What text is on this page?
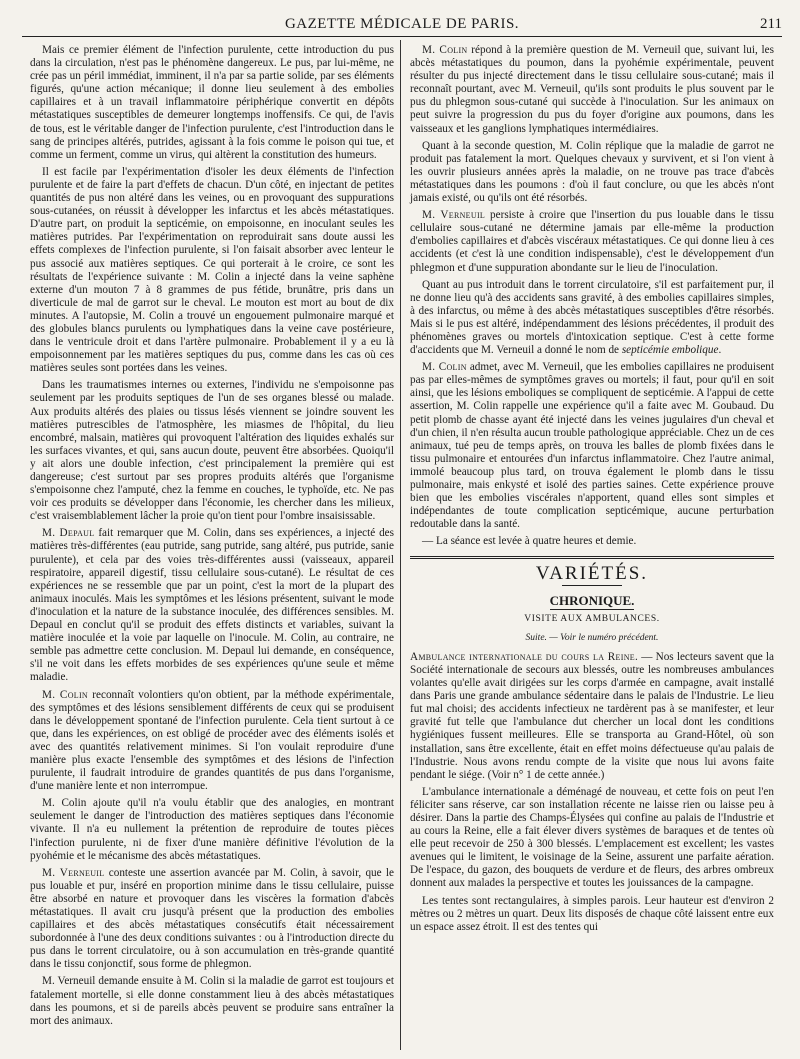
GAZETTE MÉDICALE DE PARIS.	211

Mais ce premier élément de l'infection purulente, cette introduction du pus dans la circulation, n'est pas le phénomène dangereux. Le pus, par lui-même, ne crée pas un péril immédiat, imminent, il n'a par sa partie solide, par ses éléments figurés, qu'une action mécanique; il donne lieu seulement à des embolies capillaires et à un travail inflammatoire périphérique convertit en dépôts métastatiques susceptibles de demeurer longtemps inoffensifs. Ce qui, de l'avis de tous, est le véritable danger de l'infection purulente, c'est l'introduction dans le sang de principes altérés, putrides, agissant à la fois comme le poison qui tue, et comme un ferment, comme un virus, qui altèrent la constitution des humeurs.

Il est facile par l'expérimentation d'isoler les deux éléments de l'infection purulente et de faire la part d'effets de chacun. D'un côté, en injectant de petites quantités de pus non altéré dans les veines, ou en provoquant des suppurations sous-cutanées, on réussit à développer les infarctus et les abcès métastatiques. D'autre part, on produit la septicémie, on empoisonne, en inoculant seules les matières putrides. Par l'expérimentation on reproduirait sans doute aussi les effets complexes de l'infection purulente, si l'on faisait absorber avec lenteur le pus associé aux matières septiques. Ce qui porterait à le croire, ce sont les résultats de l'expérience suivante : M. Colin a injecté dans la veine saphène externe d'un mouton 7 à 8 grammes de pus fétide, brunâtre, pris dans un diverticule de mal de garrot sur le cheval. Le mouton est mort au bout de dix minutes. A l'autopsie, M. Colin a trouvé un engouement pulmonaire marqué et des globules blancs purulents ou lymphatiques dans la veine cave postérieure, dans le ventricule droit et dans l'artère pulmonaire. Probablement il y a eu là empoisonnement par les matières septiques du pus, comme dans les cas où ces matières seules sont portées dans les veines.

Dans les traumatismes internes ou externes, l'individu ne s'empoisonne pas seulement par les produits septiques de l'un de ses organes blessé ou malade. Aux produits altérés des plaies ou tissus lésés viennent se joindre souvent les matières putrescibles de l'atmosphère, les miasmes de l'hôpital, du lieu encombré, malsain, matières qui provoquent l'altération des liquides exhalés sur les surfaces vivantes, et qui, sans aucun doute, peuvent être absorbées. Quoiqu'il y ait alors une double infection, c'est principalement la première qui est dangereuse; c'est surtout par ses propres produits altérés que l'organisme s'empoisonne chez l'amputé, chez la femme en couches, le typhoïde, etc. Ne pas voir ces produits se développer dans l'économie, les chercher dans les milieux, c'est vraisemblablement lâcher la proie qu'on tient pour l'ombre insaisissable.

M. Depaul fait remarquer que M. Colin, dans ses expériences, a injecté des matières très-différentes (eau putride, sang putride, sang altéré, pus putride, sanie purulente), et cela par des voies très-différentes aussi (vaisseaux, appareil respiratoire, appareil digestif, tissu cellulaire sous-cutané). Le résultat de ces expériences ne se ressemble que par un point, c'est la mort de la plupart des animaux inoculés. Mais les symptômes et les lésions présentent, suivant le mode d'inoculation et la nature de la substance inoculée, des différences sensibles. M. Depaul en conclut qu'il se produit des effets distincts et variables, suivant la matière inoculée et la voie par laquelle on l'inocule. M. Colin, au contraire, ne semble pas admettre cette conclusion. M. Depaul lui demande, en conséquence, s'il ne voit dans les effets morbides de ses expériences qu'une seule et même maladie.

M. Colin reconnaît volontiers qu'on obtient, par la méthode expérimentale, des symptômes et des lésions sensiblement différents de ceux qui se produisent dans le développement spontané de l'infection purulente. Cela tient surtout à ce que, dans les expériences, on est obligé de procéder avec des éléments isolés et avec des quantités relativement minimes. Si l'on voulait reproduire d'une manière plus exacte l'ensemble des symptômes et des lésions de l'infection purulente, il faudrait introduire de grandes quantités de pus dans l'organisme, d'une manière lente et non interrompue.

M. Colin ajoute qu'il n'a voulu établir que des analogies, en montrant seulement le danger de l'introduction des matières septiques dans l'économie vivante. Il n'a eu nullement la prétention de reproduire de toutes pièces l'infection purulente, ni de fixer d'une manière définitive l'évolution de la pyohémie et le mécanisme des abcès métastatiques.

M. Verneuil conteste une assertion avancée par M. Colin, à savoir, que le pus louable et pur, inséré en proportion minime dans le tissu cellulaire, puisse être absorbé en nature et provoquer dans les viscères la formation d'abcès métastatiques. Il avait cru jusqu'à présent que la production des embolies capillaires et des abcès métastatiques consécutifs était nécessairement subordonnée à l'une des deux conditions suivantes : ou à l'introduction directe du pus dans le torrent circulatoire, ou à son accumulation en très-grande quantité dans le tissu conjonctif, sous forme de phlegmon.

M. Verneuil demande ensuite à M. Colin si la maladie de garrot est toujours et fatalement mortelle, si elle donne constamment lieu à des abcès métastatiques dans les poumons, et si de pareils abcès peuvent se produire sans entraîner la mort des animaux.

M. Colin répond à la première question de M. Verneuil que, suivant lui, les abcès métastatiques du poumon, dans la pyohémie expérimentale, peuvent résulter du pus injecté directement dans le tissu cellulaire sous-cutané; mais il reconnaît pourtant, avec M. Verneuil, qu'ils sont produits le plus souvent par le pus du phlegmon sous-cutané qui succède à l'inoculation. Sur les animaux on peut suivre la progression du pus du foyer d'origine aux poumons, dans les vaisseaux et les ganglions lymphatiques intermédiaires.

Quant à la seconde question, M. Colin réplique que la maladie de garrot ne produit pas fatalement la mort. Quelques chevaux y survivent, et si l'on vient à les ouvrir plusieurs années après la maladie, on ne trouve pas trace d'abcès métastatiques dans les poumons : d'où il faut conclure, ou que les abcès n'ont jamais existé, ou qu'ils ont été résorbés.

M. Verneuil persiste à croire que l'insertion du pus louable dans le tissu cellulaire sous-cutané ne détermine jamais par elle-même la production d'embolies capillaires et d'abcès viscéraux métastatiques. Ce qui donne lieu à ces accidents (et c'est là une condition indispensable), c'est le développement d'un phlegmon et d'une suppuration abondante sur le lieu de l'inoculation.

Quant au pus introduit dans le torrent circulatoire, s'il est parfaitement pur, il ne donne lieu qu'à des accidents sans gravité, à des embolies capillaires simples, à des infarctus, ou même à des abcès métastatiques susceptibles d'être résorbés. Mais si le pus est altéré, indépendamment des lésions précédentes, il produit des phénomènes graves ou mortels d'intoxication septique. C'est à cette forme d'accidents que M. Verneuil a donné le nom de septicémie embolique.

M. Colin admet, avec M. Verneuil, que les embolies capillaires ne produisent pas par elles-mêmes de symptômes graves ou mortels; il faut, pour qu'il en soit ainsi, que les lésions emboliques se compliquent de septicémie. A l'appui de cette assertion, M. Colin rappelle une expérience qu'il a faite avec M. Goubaud. Du petit plomb de chasse ayant été injecté dans les veines jugulaires d'un cheval et d'un chien, il n'en résulta aucun trouble pathologique appréciable. Chez un de ces animaux, tué peu de temps après, on trouva les balles de plomb fixées dans le tissu pulmonaire et entourées d'un infarctus inflammatoire. Chez l'autre animal, immolé beaucoup plus tard, on trouva également le plomb dans le tissu pulmonaire, mais enkysté et isolé des parties saines. Cette expérience prouve bien que les embolies viscérales n'apportent, quand elles sont simples et indépendantes de toute complication septicémique, aucune perturbation redoutable dans la santé.

— La séance est levée à quatre heures et demie.

VARIÉTÉS.
CHRONIQUE.
VISITE AUX AMBULANCES.
Suite. — Voir le numéro précédent.

Ambulance internationale du cours la Reine. — Nos lecteurs savent que la Société internationale de secours aux blessés, outre les nombreuses ambulances volantes qu'elle avait dirigées sur les corps d'armée en campagne, avait installé dans Paris une grande ambulance sédentaire dans le palais de l'Industrie. Le lieu fut mal choisi; des accidents infectieux ne tardèrent pas à se manifester, et leur gravité fut telle que l'ambulance dut chercher un local dont les conditions hygiéniques fussent meilleures. Elle se transporta au Grand-Hôtel, où son installation, sans être excellente, était en effet moins défectueuse qu'au palais de l'Industrie. Nous avons rendu compte de la visite que nous lui avons faite pendant le siége. (Voir n° 1 de cette année.)

L'ambulance internationale a déménagé de nouveau, et cette fois on peut l'en féliciter sans réserve, car son installation récente ne laisse rien ou laisse peu à désirer. Dans la partie des Champs-Élysées qui confine au palais de l'Industrie et au cours la Reine, elle a fait élever divers systèmes de baraques et de tentes où elle peut recevoir de 250 à 300 blessés. L'emplacement est excellent; les vastes avenues qui le limitent, le voisinage de la Seine, assurent une parfaite aération. De l'espace, du gazon, des bouquets de verdure et de fleurs, des arbres ombreux donnent aux malades la perspective et toutes les jouissances de la campagne.

Les tentes sont rectangulaires, à simples parois. Leur hauteur est d'environ 2 mètres ou 2 mètres un quart. Deux lits disposés de chaque côté laissent entre eux un espace assez étroit. Il est des tentes qui
